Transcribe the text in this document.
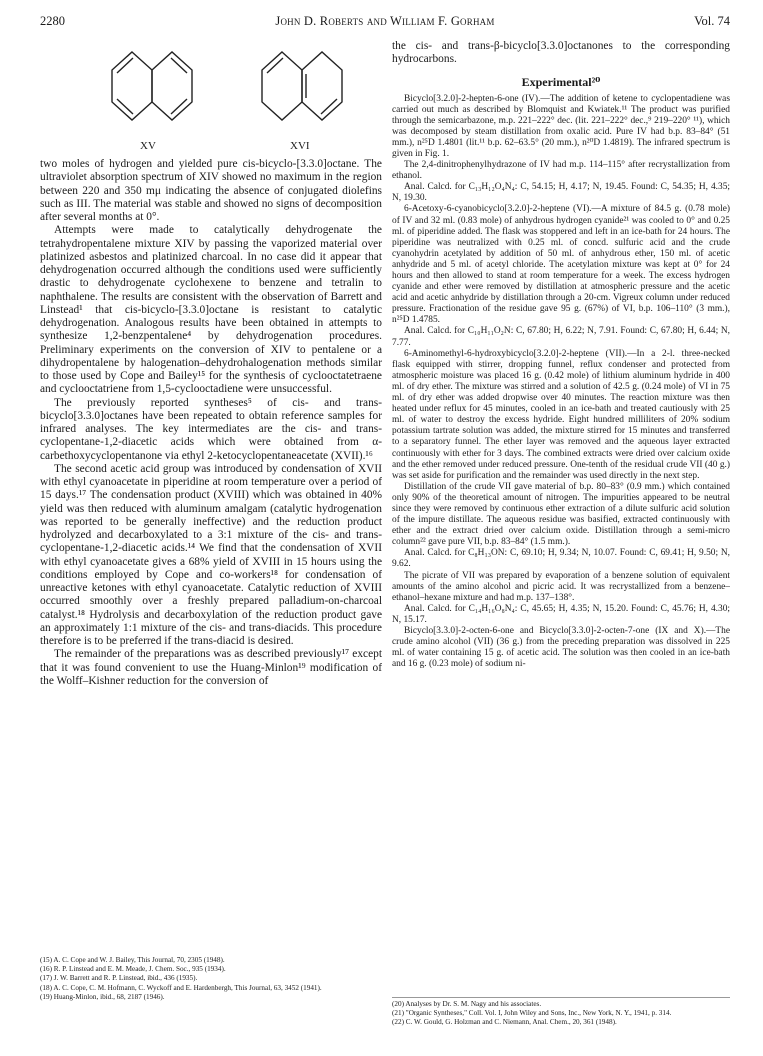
2280	John D. Roberts and William F. Gorham	Vol. 74
XV	XVI

two moles of hydrogen and yielded pure cis-bicyclo-[3.3.0]octane. The ultraviolet absorption spectrum of XIV showed no maximum in the region between 220 and 350 mμ indicating the absence of conjugated diolefins such as III. The material was stable and showed no signs of decomposition after several months at 0°.

Attempts were made to catalytically dehydrogenate the tetrahydropentalene mixture XIV by passing the vaporized material over platinized asbestos and platinized charcoal. In no case did it appear that dehydrogenation occurred although the conditions used were sufficiently drastic to dehydrogenate cyclohexene to benzene and tetralin to naphthalene. The results are consistent with the observation of Barrett and Linstead¹ that cis-bicyclo-[3.3.0]octane is resistant to catalytic dehydrogenation. Analogous results have been obtained in attempts to synthesize 1,2-benzpentalene⁴ by dehydrogenation procedures. Preliminary experiments on the conversion of XIV to pentalene or a dihydropentalene by halogenation–dehydrohalogenation methods similar to those used by Cope and Bailey¹⁵ for the synthesis of cyclooctatetraene and cyclooctatriene from 1,5-cyclooctadiene were unsuccessful.

The previously reported syntheses⁵ of cis- and trans-bicyclo[3.3.0]octanes have been repeated to obtain reference samples for infrared analyses. The key intermediates are the cis- and trans-cyclopentane-1,2-diacetic acids which were obtained from α-carbethoxycyclopentanone via ethyl 2-ketocyclopentaneacetate (XVII).¹⁶

The second acetic acid group was introduced by condensation of XVII with ethyl cyanoacetate in piperidine at room temperature over a period of 15 days.¹⁷ The condensation product (XVIII) which was obtained in 40% yield was then reduced with aluminum amalgam (catalytic hydrogenation was reported to be generally ineffective) and the reduction product hydrolyzed and decarboxylated to a 3:1 mixture of the cis- and trans-cyclopentane-1,2-diacetic acids.¹⁴ We find that the condensation of XVII with ethyl cyanoacetate gives a 68% yield of XVIII in 15 hours using the conditions employed by Cope and co-workers¹⁸ for condensation of unreactive ketones with ethyl cyanoacetate. Catalytic reduction of XVIII occurred smoothly over a freshly prepared palladium-on-charcoal catalyst.¹⁸ Hydrolysis and decarboxylation of the reduction product gave an approximately 1:1 mixture of the cis- and trans-diacids. This procedure therefore is to be preferred if the trans-diacid is desired.

The remainder of the preparations was as described previously¹⁷ except that it was found convenient to use the Huang-Minlon¹⁹ modification of the Wolff–Kishner reduction for the conversion of

(15) A. C. Cope and W. J. Bailey, This Journal, 70, 2305 (1948).

(16) R. P. Linstead and E. M. Meade, J. Chem. Soc., 935 (1934).

(17) J. W. Barrett and R. P. Linstead, ibid., 436 (1935).

(18) A. C. Cope, C. M. Hofmann, C. Wyckoff and E. Hardenbergh, This Journal, 63, 3452 (1941).

(19) Huang-Minlon, ibid., 68, 2187 (1946).

the cis- and trans-β-bicyclo[3.3.0]octanones to the corresponding hydrocarbons.

Experimental²⁰

Bicyclo[3.2.0]-2-hepten-6-one (IV).—The addition of ketene to cyclopentadiene was carried out much as described by Blomquist and Kwiatek.¹¹ The product was purified through the semicarbazone, m.p. 221–222° dec. (lit. 221–222° dec.,⁹ 219–220° ¹¹), which was decomposed by steam distillation from oxalic acid. Pure IV had b.p. 83–84° (51 mm.), n²⁵D 1.4801 (lit.¹¹ b.p. 62–63.5° (20 mm.), n²⁰D 1.4819). The infrared spectrum is given in Fig. 1.

The 2,4-dinitrophenylhydrazone of IV had m.p. 114–115° after recrystallization from ethanol.

Anal. Calcd. for C₁₃H₁₂O₄N₄: C, 54.15; H, 4.17; N, 19.45. Found: C, 54.35; H, 4.35; N, 19.30.

6-Acetoxy-6-cyanobicyclo[3.2.0]-2-heptene (VI).—A mixture of 84.5 g. (0.78 mole) of IV and 32 ml. (0.83 mole) of anhydrous hydrogen cyanide²¹ was cooled to 0° and 0.25 ml. of piperidine added. The flask was stoppered and left in an ice-bath for 24 hours. The piperidine was neutralized with 0.25 ml. of concd. sulfuric acid and the crude cyanohydrin acetylated by addition of 50 ml. of anhydrous ether, 150 ml. of acetic anhydride and 5 ml. of acetyl chloride. The acetylation mixture was kept at 0° for 24 hours and then allowed to stand at room temperature for a week. The excess hydrogen cyanide and ether were removed by distillation at atmospheric pressure and the acetic acid and acetic anhydride by distillation through a 20-cm. Vigreux column under reduced pressure. Fractionation of the residue gave 95 g. (67%) of VI, b.p. 106–110° (3 mm.), n²⁵D 1.4785.

Anal. Calcd. for C₁₀H₁₁O₂N: C, 67.80; H, 6.22; N, 7.91. Found: C, 67.80; H, 6.44; N, 7.77.

6-Aminomethyl-6-hydroxybicyclo[3.2.0]-2-heptene (VII).—In a 2-l. three-necked flask equipped with stirrer, dropping funnel, reflux condenser and protected from atmospheric moisture was placed 16 g. (0.42 mole) of lithium aluminum hydride in 400 ml. of dry ether. The mixture was stirred and a solution of 42.5 g. (0.24 mole) of VI in 75 ml. of dry ether was added dropwise over 40 minutes. The reaction mixture was then heated under reflux for 45 minutes, cooled in an ice-bath and treated cautiously with 25 ml. of water to destroy the excess hydride. Eight hundred milliliters of 20% sodium potassium tartrate solution was added, the mixture stirred for 15 minutes and transferred to a separatory funnel. The ether layer was removed and the aqueous layer extracted continuously with ether for 3 days. The combined extracts were dried over calcium oxide and the ether removed under reduced pressure. One-tenth of the residual crude VII (40 g.) was set aside for purification and the remainder was used directly in the next step.

Distillation of the crude VII gave material of b.p. 80–83° (0.9 mm.) which contained only 90% of the theoretical amount of nitrogen. The impurities appeared to be neutral since they were removed by continuous ether extraction of a dilute sulfuric acid solution of the impure distillate. The aqueous residue was basified, extracted continuously with ether and the extract dried over calcium oxide. Distillation through a semi-micro column²² gave pure VII, b.p. 83–84° (1.5 mm.).

Anal. Calcd. for C₈H₁₃ON: C, 69.10; H, 9.34; N, 10.07. Found: C, 69.41; H, 9.50; N, 9.62.

The picrate of VII was prepared by evaporation of a benzene solution of equivalent amounts of the amino alcohol and picric acid. It was recrystallized from a benzene–ethanol–hexane mixture and had m.p. 137–138°.

Anal. Calcd. for C₁₄H₁₆O₈N₄: C, 45.65; H, 4.35; N, 15.20. Found: C, 45.76; H, 4.30; N, 15.17.

Bicyclo[3.3.0]-2-octen-6-one and Bicyclo[3.3.0]-2-octen-7-one (IX and X).—The crude amino alcohol (VII) (36 g.) from the preceding preparation was dissolved in 225 ml. of water containing 15 g. of acetic acid. The solution was then cooled in an ice-bath and 16 g. (0.23 mole) of sodium ni-

(20) Analyses by Dr. S. M. Nagy and his associates.

(21) "Organic Syntheses," Coll. Vol. I, John Wiley and Sons, Inc., New York, N. Y., 1941, p. 314.

(22) C. W. Gould, G. Holzman and C. Niemann, Anal. Chem., 20, 361 (1948).
